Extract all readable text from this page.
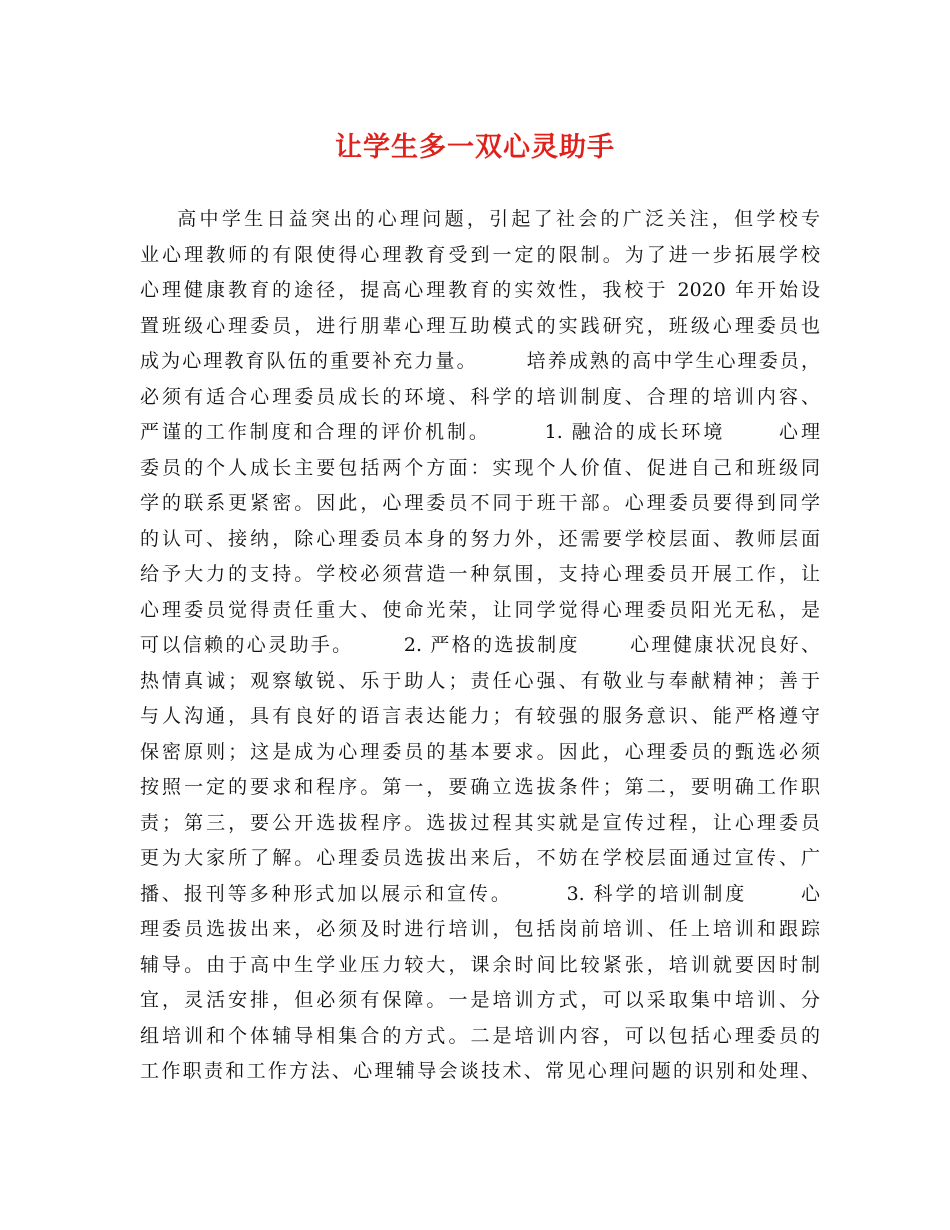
让学生多一双心灵助手
高中学生日益突出的心理问题，引起了社会的广泛关注，但学校专
业心理教师的有限使得心理教育受到一定的限制。为了进一步拓展学校
心理健康教育的途径，提高心理教育的实效性，我校于 2020 年开始设
置班级心理委员，进行朋辈心理互助模式的实践研究，班级心理委员也
成为心理教育队伍的重要补充力量。      培养成熟的高中学生心理委员，
必须有适合心理委员成长的环境、科学的培训制度、合理的培训内容、
严谨的工作制度和合理的评价机制。      1. 融洽的成长环境      心理
委员的个人成长主要包括两个方面：实现个人价值、促进自己和班级同
学的联系更紧密。因此，心理委员不同于班干部。心理委员要得到同学
的认可、接纳，除心理委员本身的努力外，还需要学校层面、教师层面
给予大力的支持。学校必须营造一种氛围，支持心理委员开展工作，让
心理委员觉得责任重大、使命光荣，让同学觉得心理委员阳光无私，是
可以信赖的心灵助手。      2. 严格的选拔制度      心理健康状况良好、
热情真诚；观察敏锐、乐于助人；责任心强、有敬业与奉献精神；善于
与人沟通，具有良好的语言表达能力；有较强的服务意识、能严格遵守
保密原则；这是成为心理委员的基本要求。因此，心理委员的甄选必须
按照一定的要求和程序。第一，要确立选拔条件；第二，要明确工作职
责；第三，要公开选拔程序。选拔过程其实就是宣传过程，让心理委员
更为大家所了解。心理委员选拔出来后，不妨在学校层面通过宣传、广
播、报刊等多种形式加以展示和宣传。      3. 科学的培训制度      心
理委员选拔出来，必须及时进行培训，包括岗前培训、任上培训和跟踪
辅导。由于高中生学业压力较大，课余时间比较紧张，培训就要因时制
宜，灵活安排，但必须有保障。一是培训方式，可以采取集中培训、分
组培训和个体辅导相集合的方式。二是培训内容，可以包括心理委员的
工作职责和工作方法、心理辅导会谈技术、常见心理问题的识别和处理、
